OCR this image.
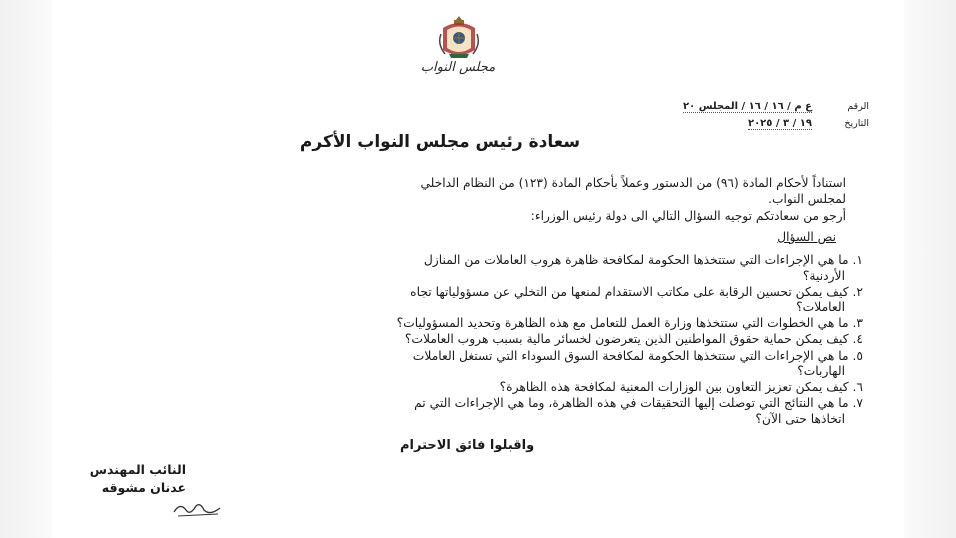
مجلس النواب
الرقم ع م / ١٦ / ١٦ / المجلس ٢٠
التاريخ ١٩ / ٣ / ٢٠٢٥
سعادة رئيس مجلس النواب الأكرم
استناداً لأحكام المادة (٩٦) من الدستور وعملاً بأحكام المادة (١٢٣) من النظام الداخلي
لمجلس النواب.
أرجو من سعادتكم توجيه السؤال التالي الى دولة رئيس الوزراء:
نص السؤال
١. ما هي الإجراءات التي ستتخذها الحكومة لمكافحة ظاهرة هروب العاملات من المنازل
الأردنية؟
٢. كيف يمكن تحسين الرقابة على مكاتب الاستقدام لمنعها من التخلي عن مسؤولياتها تجاه
العاملات؟
٣. ما هي الخطوات التي ستتخذها وزارة العمل للتعامل مع هذه الظاهرة وتحديد المسؤوليات؟
٤. كيف يمكن حماية حقوق المواطنين الذين يتعرضون لخسائر مالية بسبب هروب العاملات؟
٥. ما هي الإجراءات التي ستتخذها الحكومة لمكافحة السوق السوداء التي تستغل العاملات
الهاربات؟
٦. كيف يمكن تعزيز التعاون بين الوزارات المعنية لمكافحة هذه الظاهرة؟
٧. ما هي النتائج التي توصلت إليها التحقيقات في هذه الظاهرة، وما هي الإجراءات التي تم
اتخاذها حتى الآن؟
واقبلوا فائق الاحترام
النائب المهندس
عدنان مشوقه
